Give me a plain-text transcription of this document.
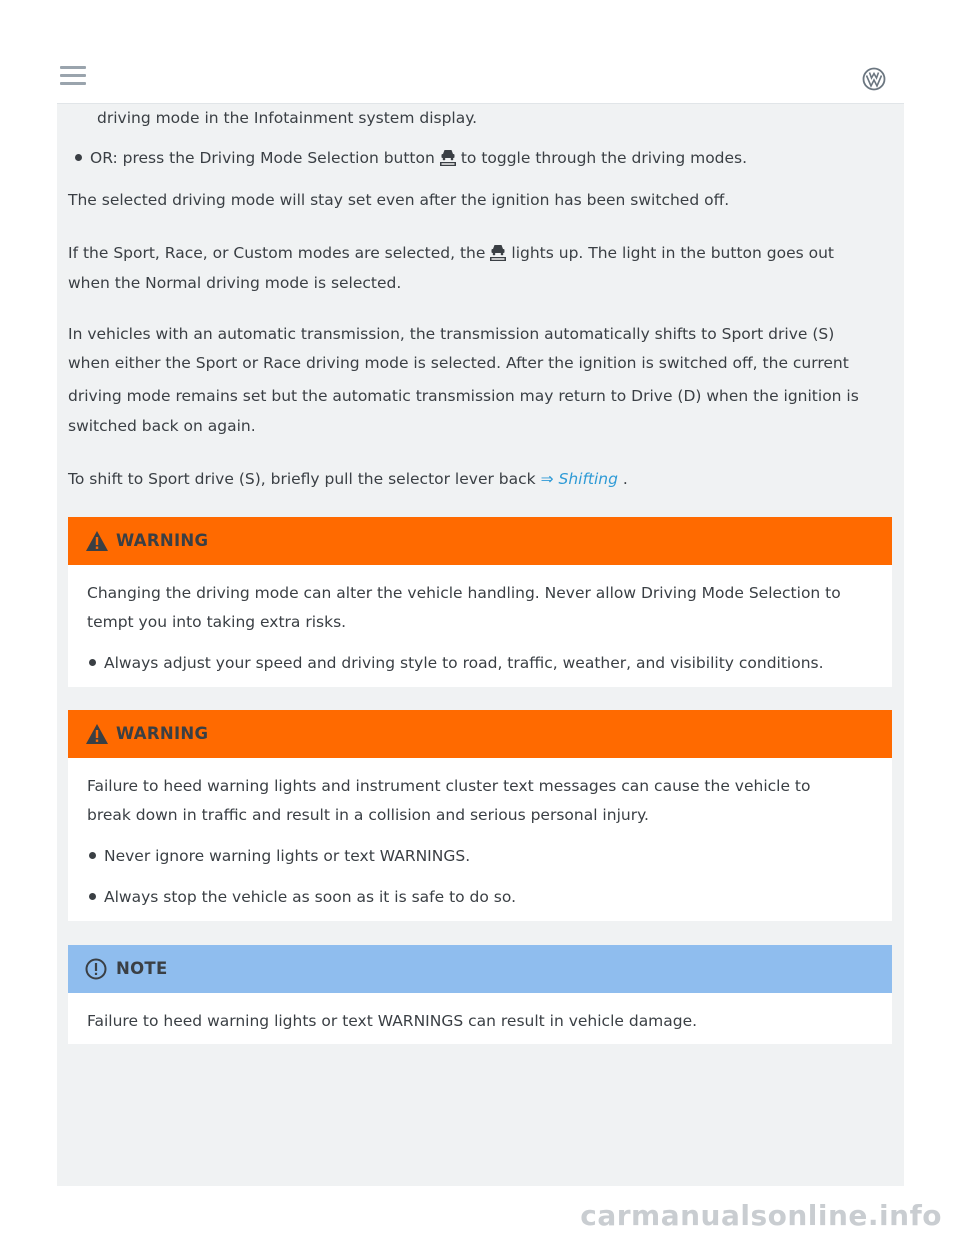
driving mode in the Infotainment system display.

OR: press the Driving Mode Selection button to toggle through the driving modes.

The selected driving mode will stay set even after the ignition has been switched off.

If the Sport, Race, or Custom modes are selected, the lights up. The light in the button goes out

when the Normal driving mode is selected.

In vehicles with an automatic transmission, the transmission automatically shifts to Sport drive (S)

when either the Sport or Race driving mode is selected. After the ignition is switched off, the current

driving mode remains set but the automatic transmission may return to Drive (D) when the ignition is

switched back on again.

To shift to Sport drive (S), briefly pull the selector lever back ⇒ Shifting .

WARNING
Changing the driving mode can alter the vehicle handling. Never allow Driving Mode Selection to
tempt you into taking extra risks.
Always adjust your speed and driving style to road, traffic, weather, and visibility conditions.
WARNING
Failure to heed warning lights and instrument cluster text messages can cause the vehicle to
break down in traffic and result in a collision and serious personal injury.
Never ignore warning lights or text WARNINGS.
Always stop the vehicle as soon as it is safe to do so.
NOTE
Failure to heed warning lights or text WARNINGS can result in vehicle damage.
carmanualsonline.info
